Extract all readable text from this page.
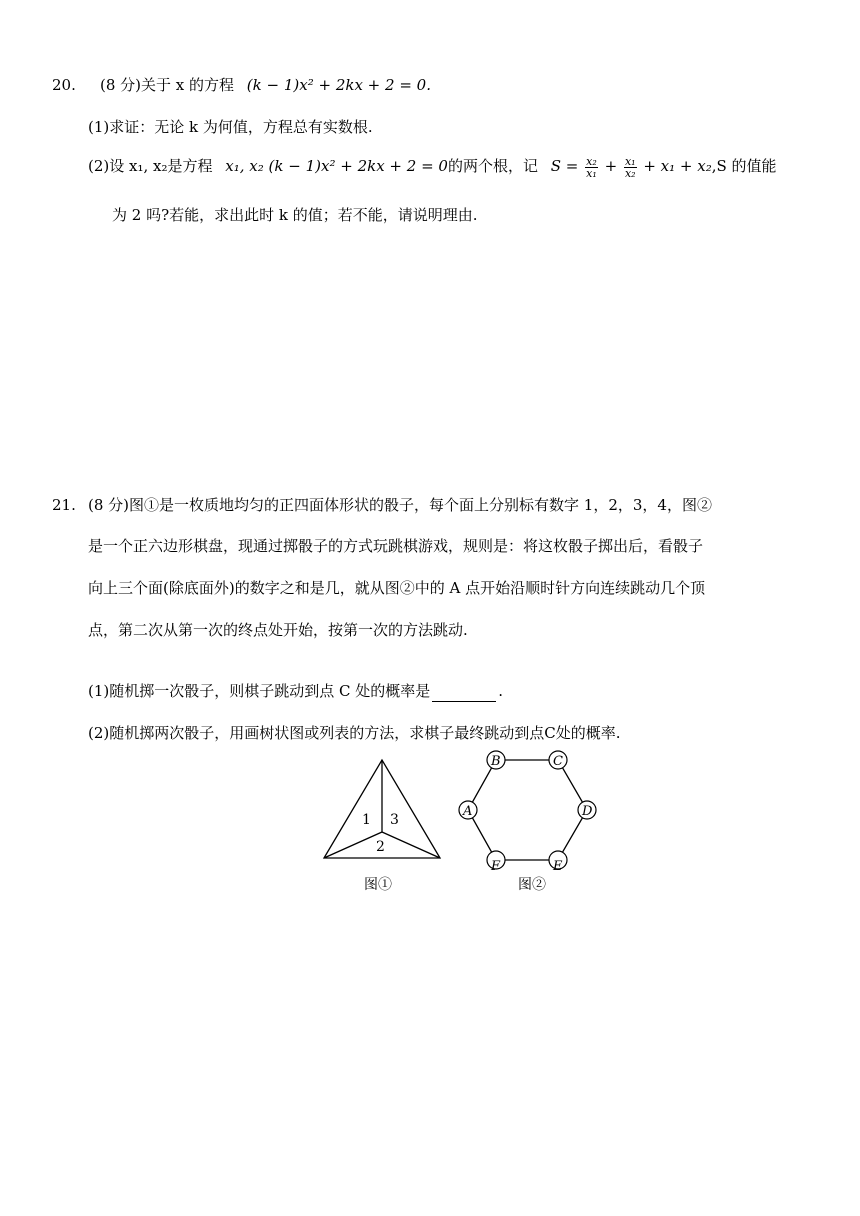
20. (8 分)关于 x 的方程 (k − 1)x² + 2kx + 2 = 0.
(1)求证：无论 k 为何值，方程总有实数根.
(2)设 x₁, x₂是方程 x₁, x₂ (k − 1)x² + 2kx + 2 = 0的两个根，记 $S = \frac{\text{x₂}}{\text{x₁}} + \frac{\text{x₁}}{\text{x₂}} + x_1 + x_2,S$ 的值能
为 2 吗?若能，求出此时 k 的值；若不能，请说明理由.
21. (8 分)图①是一枚质地均匀的正四面体形状的骰子，每个面上分别标有数字 1，2，3，4，图②
是一个正六边形棋盘，现通过掷骰子的方式玩跳棋游戏，规则是：将这枚骰子掷出后，看骰子
向上三个面(除底面外)的数字之和是几，就从图②中的 A 点开始沿顺时针方向连续跳动几个顶
点，第二次从第一次的终点处开始，按第一次的方法跳动.
(1)随机掷一次骰子，则棋子跳动到点 C 处的概率是	.
(2)随机掷两次骰子，用画树状图或列表的方法，求棋子最终跳动到点C处的概率.
1 3
2
图①
B	C
D
E
F
A
图②
